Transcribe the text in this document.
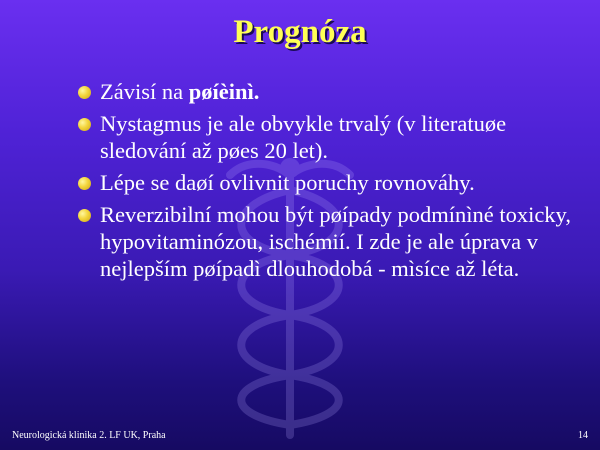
Prognóza
Závisí na pøíèinì.
Nystagmus je ale obvykle trvalý (v literatuøe sledování až pøes 20 let).
Lépe se daøí ovlivnit poruchy rovnováhy.
Reverzibilní mohou být pøípady podmínìné toxicky, hypovitaminózou, ischémií. I zde je ale úprava v nejlepším pøípadì dlouhodobá - mìsíce až léta.
Neurologická klinika 2. LF UK, Praha	14
